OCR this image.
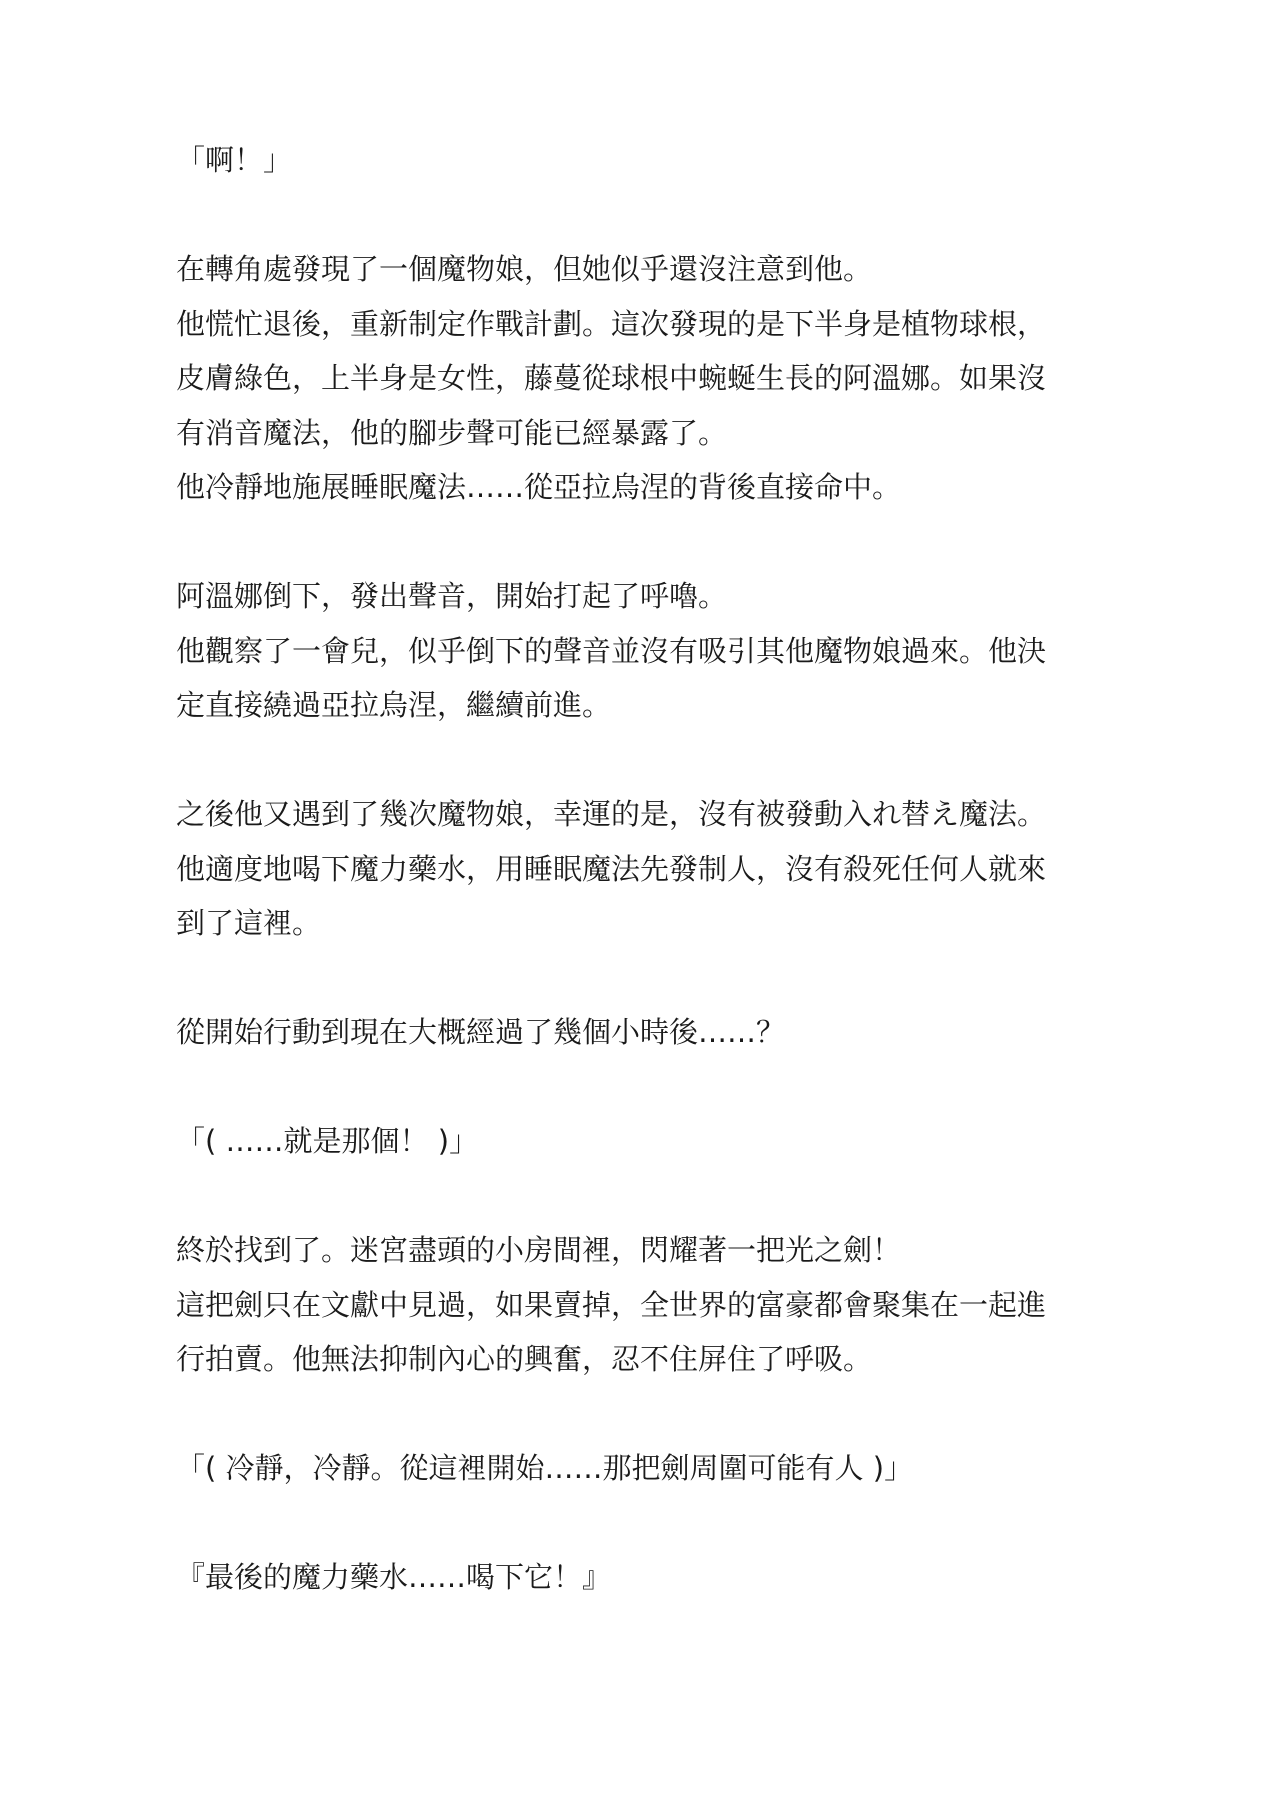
「啊！」

在轉角處發現了一個魔物娘，但她似乎還沒注意到他。
他慌忙退後，重新制定作戰計劃。這次發現的是下半身是植物球根，
皮膚綠色，上半身是女性，藤蔓從球根中蜿蜒生長的阿溫娜。如果沒
有消音魔法，他的腳步聲可能已經暴露了。
他冷靜地施展睡眠魔法……從亞拉烏涅的背後直接命中。

阿溫娜倒下，發出聲音，開始打起了呼嚕。
他觀察了一會兒，似乎倒下的聲音並沒有吸引其他魔物娘過來。他決
定直接繞過亞拉烏涅，繼續前進。

之後他又遇到了幾次魔物娘，幸運的是，沒有被發動入れ替え魔法。
他適度地喝下魔力藥水，用睡眠魔法先發制人，沒有殺死任何人就來
到了這裡。

從開始行動到現在大概經過了幾個小時後……？

「( ……就是那個！ )」

終於找到了。迷宮盡頭的小房間裡，閃耀著一把光之劍！
這把劍只在文獻中見過，如果賣掉，全世界的富豪都會聚集在一起進
行拍賣。他無法抑制內心的興奮，忍不住屏住了呼吸。

「( 冷靜，冷靜。從這裡開始……那把劍周圍可能有人 )」

『最後的魔力藥水……喝下它！』
